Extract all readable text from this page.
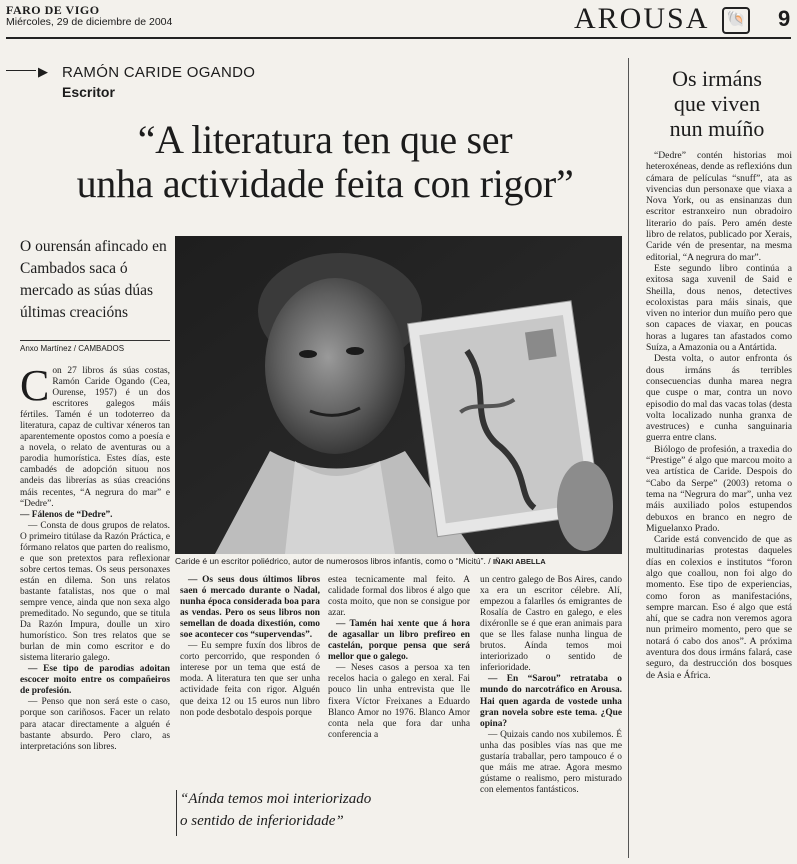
FARO DE VIGO
Miércoles, 29 de diciembre de 2004	AROUSA 🐚 9
▶ RAMÓN CARIDE OGANDO
Escritor
“A literatura ten que ser
unha actividade feita con rigor”
O ourensán afincado en Cambados saca ó mercado as súas dúas últimas creacións
Anxo Martínez / CAMBADOS
Caride é un escritor poliédrico, autor de numerosos libros infantís, como o “Micitú”. / IÑAKI ABELLA
C on 27 libros ás súas costas, Ramón Caride Ogando (Cea, Ourense, 1957) é un dos escritores galegos máis fértiles. Tamén é un todoterreo da literatura, capaz de cultivar xéneros tan aparentemente opostos como a poesía e a novela, o relato de aventuras ou a parodia humorística. Estes días, este cambadés de adopción situou nos andeis das librerías as súas creacións máis recentes, “A negrura do mar” e “Dedre”.

— Fálenos de “Dedre”.

— Consta de dous grupos de relatos. O primeiro titúlase da Razón Práctica, e fórmano relatos que parten do realismo, e que son pretextos para reflexionar sobre certos temas. Os seus personaxes están en dilema. Son uns relatos bastante fatalistas, nos que o mal sempre vence, ainda que non sexa algo premeditado. No segundo, que se titula Da Razón Impura, doulle un xiro humorístico. Son tres relatos que se burlan de min como escritor e do sistema literario galego.

— Ese tipo de parodias adoitan escocer moito entre os compañeiros de profesión.

— Penso que non será este o caso, porque son cariñosos. Facer un relato para atacar directamente a alguén é bastante absurdo. Pero claro, as interpretacións son libres.

— Os seus dous últimos libros saen ó mercado durante o Nadal, nunha época considerada boa para as vendas. Pero os seus libros non semellan de doada dixestión, como soe acontecer cos “supervendas”.

— Eu sempre fuxín dos libros de corto percorrido, que responden ó interese por un tema que está de moda. A literatura ten que ser unha actividade feita con rigor. Alguén que deixa 12 ou 15 euros nun libro non pode desbotalo despois porque

estea tecnicamente mal feito. A calidade formal dos libros é algo que costa moito, que non se consigue por azar.

— Tamén hai xente que á hora de agasallar un libro prefireo en castelán, porque pensa que será mellor que o galego.

— Neses casos a persoa xa ten recelos hacia o galego en xeral. Fai pouco lin unha entrevista que lle fixera Víctor Freixanes a Eduardo Blanco Amor no 1976. Blanco Amor conta nela que fora dar unha conferencia a

un centro galego de Bos Aires, cando xa era un escritor célebre. Alí, empezou a falarlles ós emigrantes de Rosalía de Castro en galego, e eles dixéronlle se é que eran animais para que se lles falase nunha lingua de brutos. Aínda temos moi interiorizado o sentido de inferioridade.

— En “Sarou” retrataba o mundo do narcotráfico en Arousa. Hai quen agarda de vostede unha gran novela sobre este tema. ¿Que opina?

— Quizais cando nos xubilemos. É unha das posibles vías nas que me gustaría traballar, pero tampouco é o que máis me atrae. Agora mesmo gústame o realismo, pero misturado con elementos fantásticos.

“Aínda temos moi interiorizado
o sentido de inferioridade”
Os irmáns
que viven
nun muíño

“Dedre” contén historias moi heteroxéneas, dende as reflexións dun cámara de películas “snuff”, ata as vivencias dun personaxe que viaxa a Nova York, ou as ensinanzas dun escritor estranxeiro nun obradoiro literario do país. Pero amén deste libro de relatos, publicado por Xerais, Caride vén de presentar, na mesma editorial, “A negrura do mar”.

Este segundo libro continúa a exitosa saga xuvenil de Said e Sheilla, dous nenos, detectives ecoloxistas para máis sinais, que viven no interior dun muíño pero que son capaces de viaxar, en poucas horas a lugares tan afastados como Suíza, a Amazonia ou a Antártida.

Desta volta, o autor enfronta ós dous irmáns ás terribles consecuencias dunha marea negra que cuspe o mar, contra un novo episodio do mal das vacas tolas (desta volta localizado nunha granxa de avestruces) e cunha sanguinaria guerra entre clans.

Biólogo de profesión, a traxedia do “Prestige” é algo que marcou moito a vea artística de Caride. Despois do “Cabo da Serpe” (2003) retoma o tema na “Negrura do mar”, unha vez máis auxiliado polos estupendos debuxos en branco en negro de Miguelanxo Prado.

Caride está convencido de que as multitudinarias protestas daqueles días en colexios e institutos “foron algo que coallou, non foi algo do momento. Ese tipo de experiencias, como foron as manifestacións, sempre marcan. Eso é algo que está ahí, que se cadra non veremos agora nun primeiro momento, pero que se notará ó cabo dos anos”. A próxima aventura dos dous irmáns falará, case seguro, da destrucción dos bosques de Asia e África.
